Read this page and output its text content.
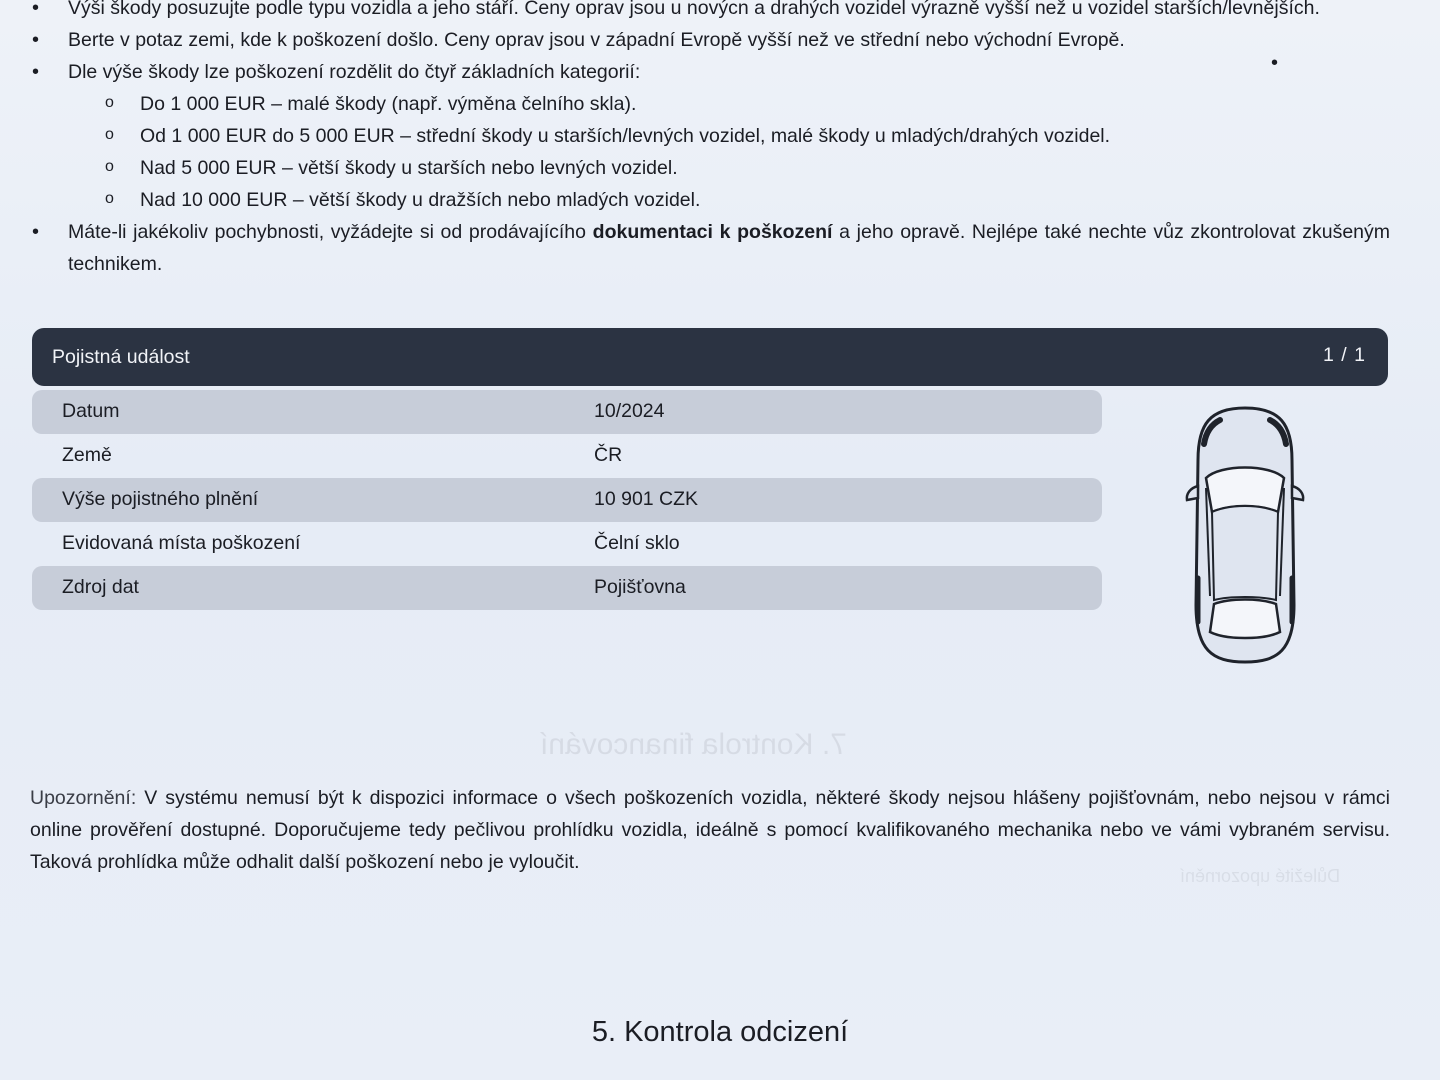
7. Kontrola financování
Důležité upozornění
• Výši škody posuzujte podle typu vozidla a jeho stáří. Ceny oprav jsou u novýcn a drahých vozidel výrazně vyšší než u vozidel starších/levnějších.
• Berte v potaz zemi, kde k poškození došlo. Ceny oprav jsou v západní Evropě vyšší než ve střední nebo východní Evropě.
• Dle výše škody lze poškození rozdělit do čtyř základních kategorií:
o Do 1 000 EUR – malé škody (např. výměna čelního skla).
o Od 1 000 EUR do 5 000 EUR – střední škody u starších/levných vozidel, malé škody u mladých/drahých vozidel.
o Nad 5 000 EUR – větší škody u starších nebo levných vozidel.
o Nad 10 000 EUR – větší škody u dražších nebo mladých vozidel.
• Máte-li jakékoliv pochybnosti, vyžádejte si od prodávajícího dokumentaci k poškození a jeho opravě. Nejlépe také nechte vůz zkontrolovat zkušeným technikem.
•
Pojistná událost	1 / 1
Datum	10/2024
Země	ČR
Výše pojistného plnění	10 901 CZK
Evidovaná místa poškození	Čelní sklo
Zdroj dat	Pojišťovna
Upozornění: V systému nemusí být k dispozici informace o všech poškozeních vozidla, některé škody nejsou hlášeny pojišťovnám, nebo nejsou v rámci online prověření dostupné. Doporučujeme tedy pečlivou prohlídku vozidla, ideálně s pomocí kvalifikovaného mechanika nebo ve vámi vybraném servisu. Taková prohlídka může odhalit další poškození nebo je vyloučit.
5. Kontrola odcizení
